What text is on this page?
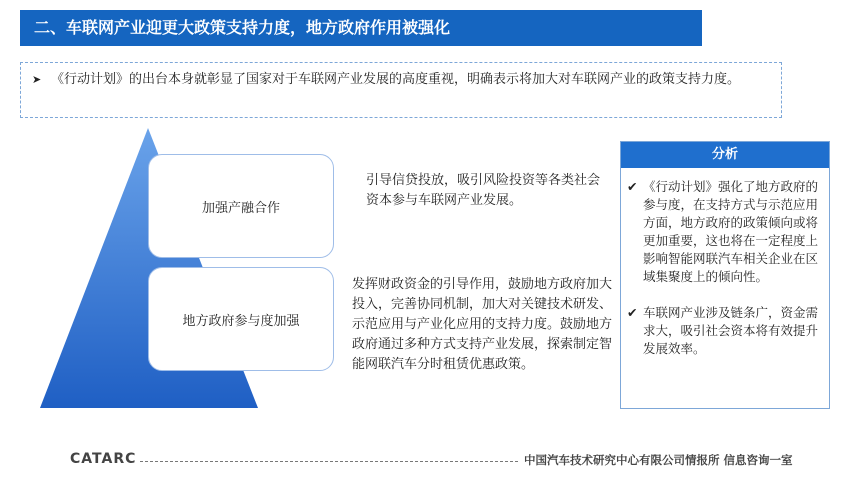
二、车联网产业迎更大政策支持力度，地方政府作用被强化
➤ 《行动计划》的出台本身就彰显了国家对于车联网产业发展的高度重视，明确表示将加大对车联网产业的政策支持力度。
加强产融合作
地方政府参与度加强
引导信贷投放，吸引风险投资等各类社会资本参与车联网产业发展。
发挥财政资金的引导作用，鼓励地方政府加大投入，完善协同机制，加大对关键技术研发、示范应用与产业化应用的支持力度。鼓励地方政府通过多种方式支持产业发展，探索制定智能网联汽车分时租赁优惠政策。
分析
✔ 《行动计划》强化了地方政府的参与度，在支持方式与示范应用方面，地方政府的政策倾向或将更加重要，这也将在一定程度上影响智能网联汽车相关企业在区域集聚度上的倾向性。
✔ 车联网产业涉及链条广，资金需求大，吸引社会资本将有效提升发展效率。
CATARC	中国汽车技术研究中心有限公司情报所 信息咨询一室
